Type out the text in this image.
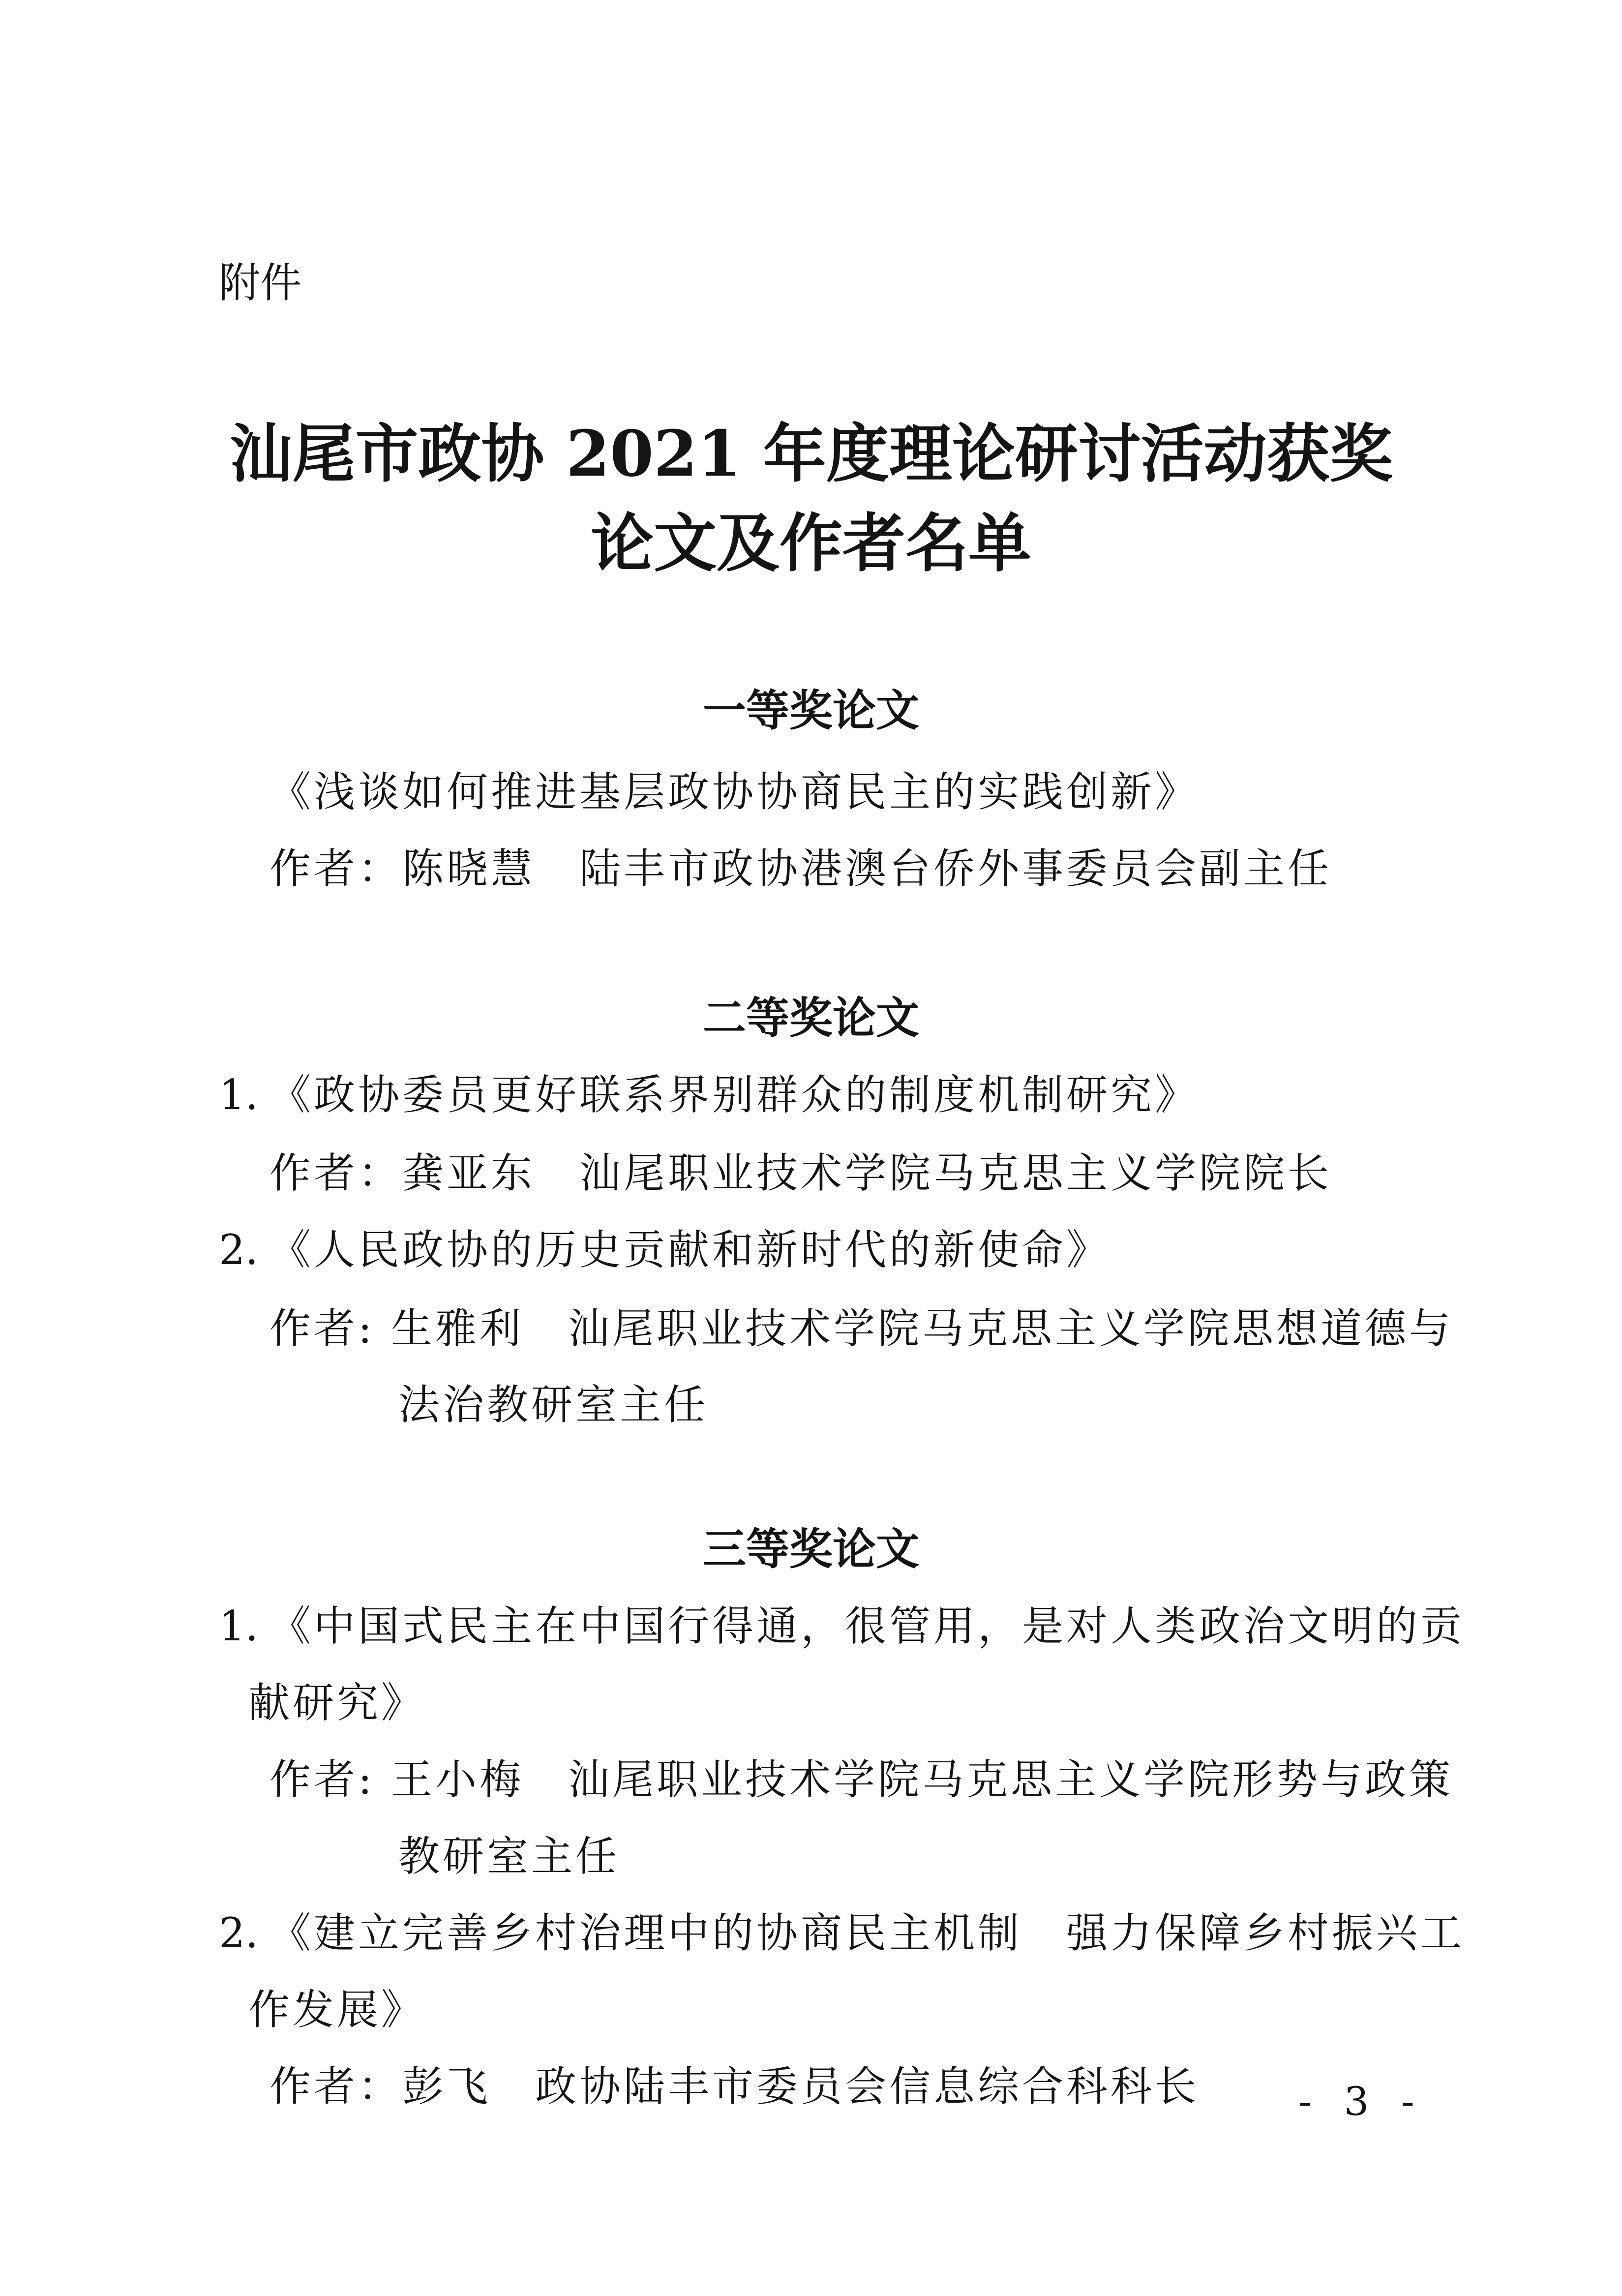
附件
汕尾市政协 2021 年度理论研讨活动获奖
论文及作者名单
一等奖论文
《浅谈如何推进基层政协协商民主的实践创新》
作者：陈晓慧　陆丰市政协港澳台侨外事委员会副主任
二等奖论文
1. 《政协委员更好联系界别群众的制度机制研究》
作者：龚亚东　汕尾职业技术学院马克思主义学院院长
2. 《人民政协的历史贡献和新时代的新使命》
作者: 生雅利　汕尾职业技术学院马克思主义学院思想道德与
法治教研室主任
三等奖论文
1. 《中国式民主在中国行得通，很管用，是对人类政治文明的贡
献研究》
作者: 王小梅　汕尾职业技术学院马克思主义学院形势与政策
教研室主任
2. 《建立完善乡村治理中的协商民主机制　强力保障乡村振兴工
作发展》
作者：彭飞　政协陆丰市委员会信息综合科科长	- 3 -
